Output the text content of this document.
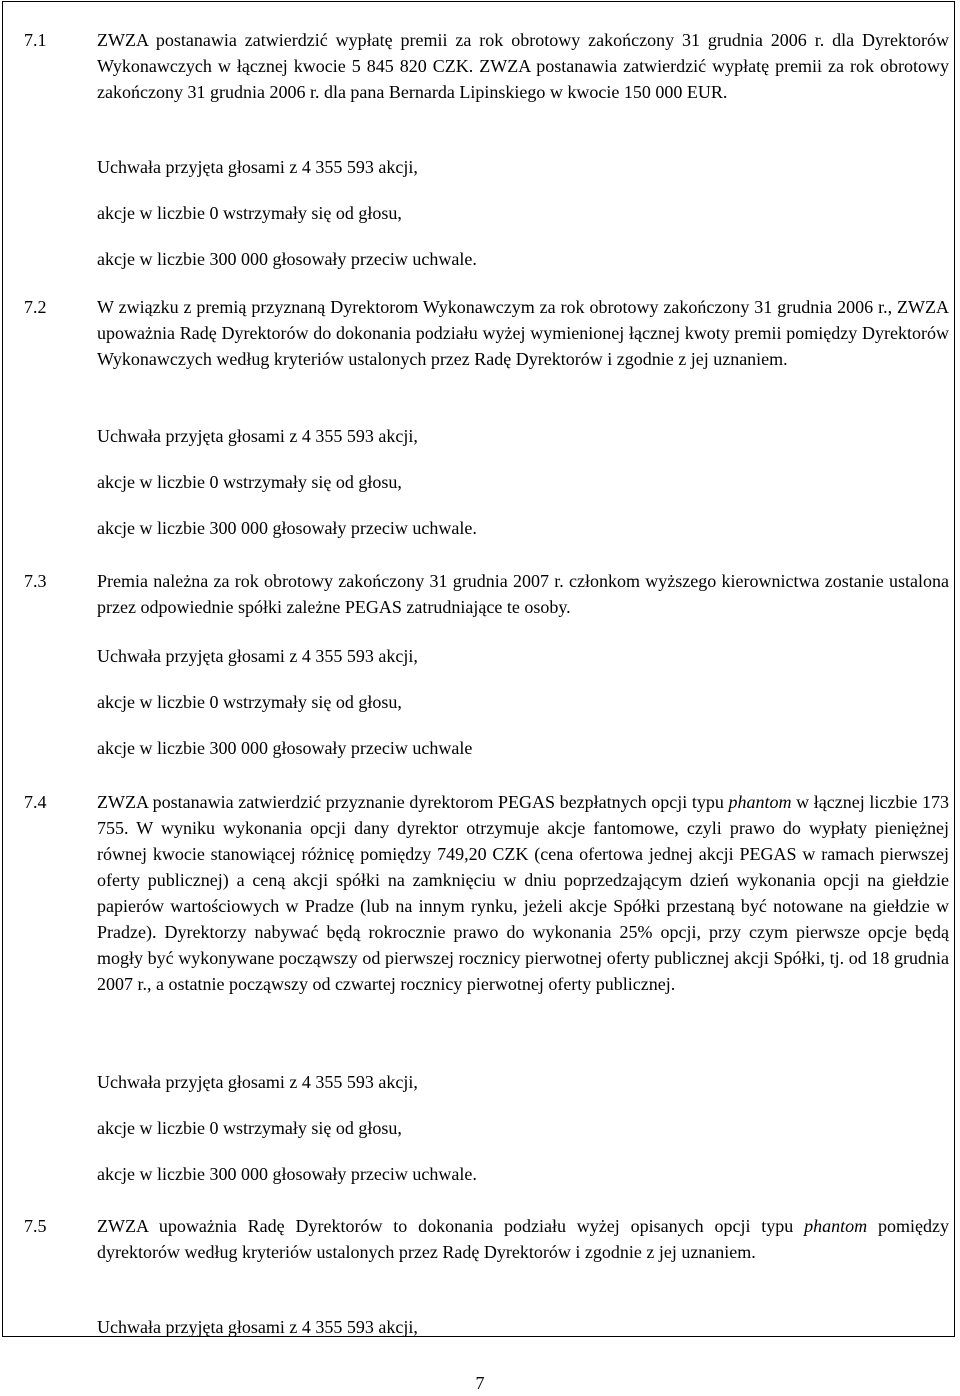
7.1	ZWZA postanawia zatwierdzić wypłatę premii za rok obrotowy zakończony 31 grudnia 2006 r. dla Dyrektorów Wykonawczych w łącznej kwocie 5 845 820 CZK. ZWZA postanawia zatwierdzić wypłatę premii za rok obrotowy zakończony 31 grudnia 2006 r. dla pana Bernarda Lipinskiego w kwocie 150 000 EUR.

Uchwała przyjęta głosami z 4 355 593 akcji,
akcje w liczbie 0 wstrzymały się od głosu,
akcje w liczbie 300 000 głosowały przeciw uchwale.
7.2	W związku z premią przyznaną Dyrektorom Wykonawczym za rok obrotowy zakończony 31 grudnia 2006 r., ZWZA upoważnia Radę Dyrektorów do dokonania podziału wyżej wymienionej łącznej kwoty premii pomiędzy Dyrektorów Wykonawczych według kryteriów ustalonych przez Radę Dyrektorów i zgodnie z jej uznaniem.

Uchwała przyjęta głosami z 4 355 593 akcji,
akcje w liczbie 0 wstrzymały się od głosu,
akcje w liczbie 300 000 głosowały przeciw uchwale.
7.3	Premia należna za rok obrotowy zakończony 31 grudnia 2007 r. członkom wyższego kierownictwa zostanie ustalona przez odpowiednie spółki zależne PEGAS zatrudniające te osoby.

Uchwała przyjęta głosami z 4 355 593 akcji,
akcje w liczbie 0 wstrzymały się od głosu,
akcje w liczbie 300 000 głosowały przeciw uchwale
7.4	ZWZA postanawia zatwierdzić przyznanie dyrektorom PEGAS bezpłatnych opcji typu phantom w łącznej liczbie 173 755. W wyniku wykonania opcji dany dyrektor otrzymuje akcje fantomowe, czyli prawo do wypłaty pieniężnej równej kwocie stanowiącej różnicę pomiędzy 749,20 CZK (cena ofertowa jednej akcji PEGAS w ramach pierwszej oferty publicznej) a ceną akcji spółki na zamknięciu w dniu poprzedzającym dzień wykonania opcji na giełdzie papierów wartościowych w Pradze (lub na innym rynku, jeżeli akcje Spółki przestaną być notowane na giełdzie w Pradze). Dyrektorzy nabywać będą rokrocznie prawo do wykonania 25% opcji, przy czym pierwsze opcje będą mogły być wykonywane począwszy od pierwszej rocznicy pierwotnej oferty publicznej akcji Spółki, tj. od 18 grudnia 2007 r., a ostatnie począwszy od czwartej rocznicy pierwotnej oferty publicznej.

Uchwała przyjęta głosami z 4 355 593 akcji,
akcje w liczbie 0 wstrzymały się od głosu,
akcje w liczbie 300 000 głosowały przeciw uchwale.
7.5	ZWZA upoważnia Radę Dyrektorów to dokonania podziału wyżej opisanych opcji typu phantom pomiędzy dyrektorów według kryteriów ustalonych przez Radę Dyrektorów i zgodnie z jej uznaniem.

Uchwała przyjęta głosami z 4 355 593 akcji,
7
